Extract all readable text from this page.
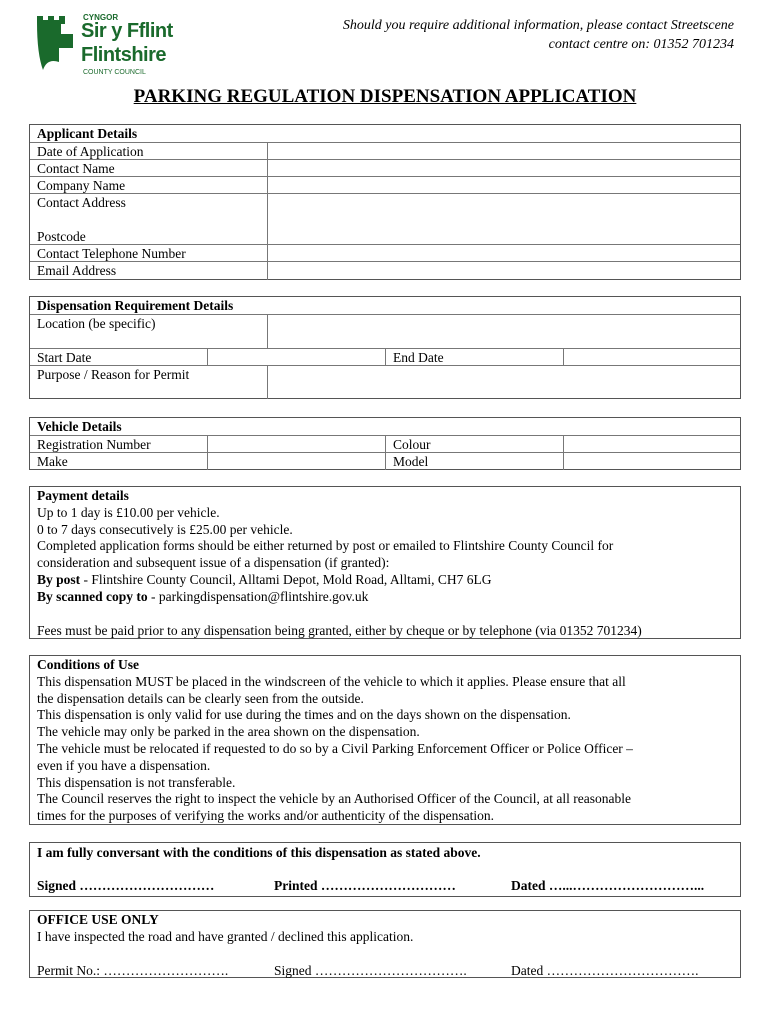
CYNGOR
Sir y Fflint
Flintshire
COUNTY COUNCIL
Should you require additional information, please contact Streetscene
contact centre on: 01352 701234
PARKING REGULATION DISPENSATION APPLICATION
Applicant Details
Date of Application
Contact Name
Company Name
Contact Address
Postcode
Contact Telephone Number
Email Address
Dispensation Requirement Details
Location (be specific)
Start Date	End Date
Purpose / Reason for Permit
Vehicle Details
Registration Number	Colour
Make	Model
Payment details
Up to 1 day is £10.00 per vehicle.
0 to 7 days consecutively is £25.00 per vehicle.
Completed application forms should be either returned by post or emailed to Flintshire County Council for
consideration and subsequent issue of a dispensation (if granted):
By post - Flintshire County Council, Alltami Depot, Mold Road, Alltami, CH7 6LG
By scanned copy to - parkingdispensation@flintshire.gov.uk
Fees must be paid prior to any dispensation being granted, either by cheque or by telephone (via 01352 701234)
Conditions of Use
This dispensation MUST be placed in the windscreen of the vehicle to which it applies. Please ensure that all
the dispensation details can be clearly seen from the outside.
This dispensation is only valid for use during the times and on the days shown on the dispensation.
The vehicle may only be parked in the area shown on the dispensation.
The vehicle must be relocated if requested to do so by a Civil Parking Enforcement Officer or Police Officer –
even if you have a dispensation.
This dispensation is not transferable.
The Council reserves the right to inspect the vehicle by an Authorised Officer of the Council, at all reasonable
times for the purposes of verifying the works and/or authenticity of the dispensation.
I am fully conversant with the conditions of this dispensation as stated above.
Signed …………………………	Printed …………………………	Dated …...………………………...
OFFICE USE ONLY
I have inspected the road and have granted / declined this application.
Permit No.: ……………………….	Signed …………………………….	Dated …………………………….
